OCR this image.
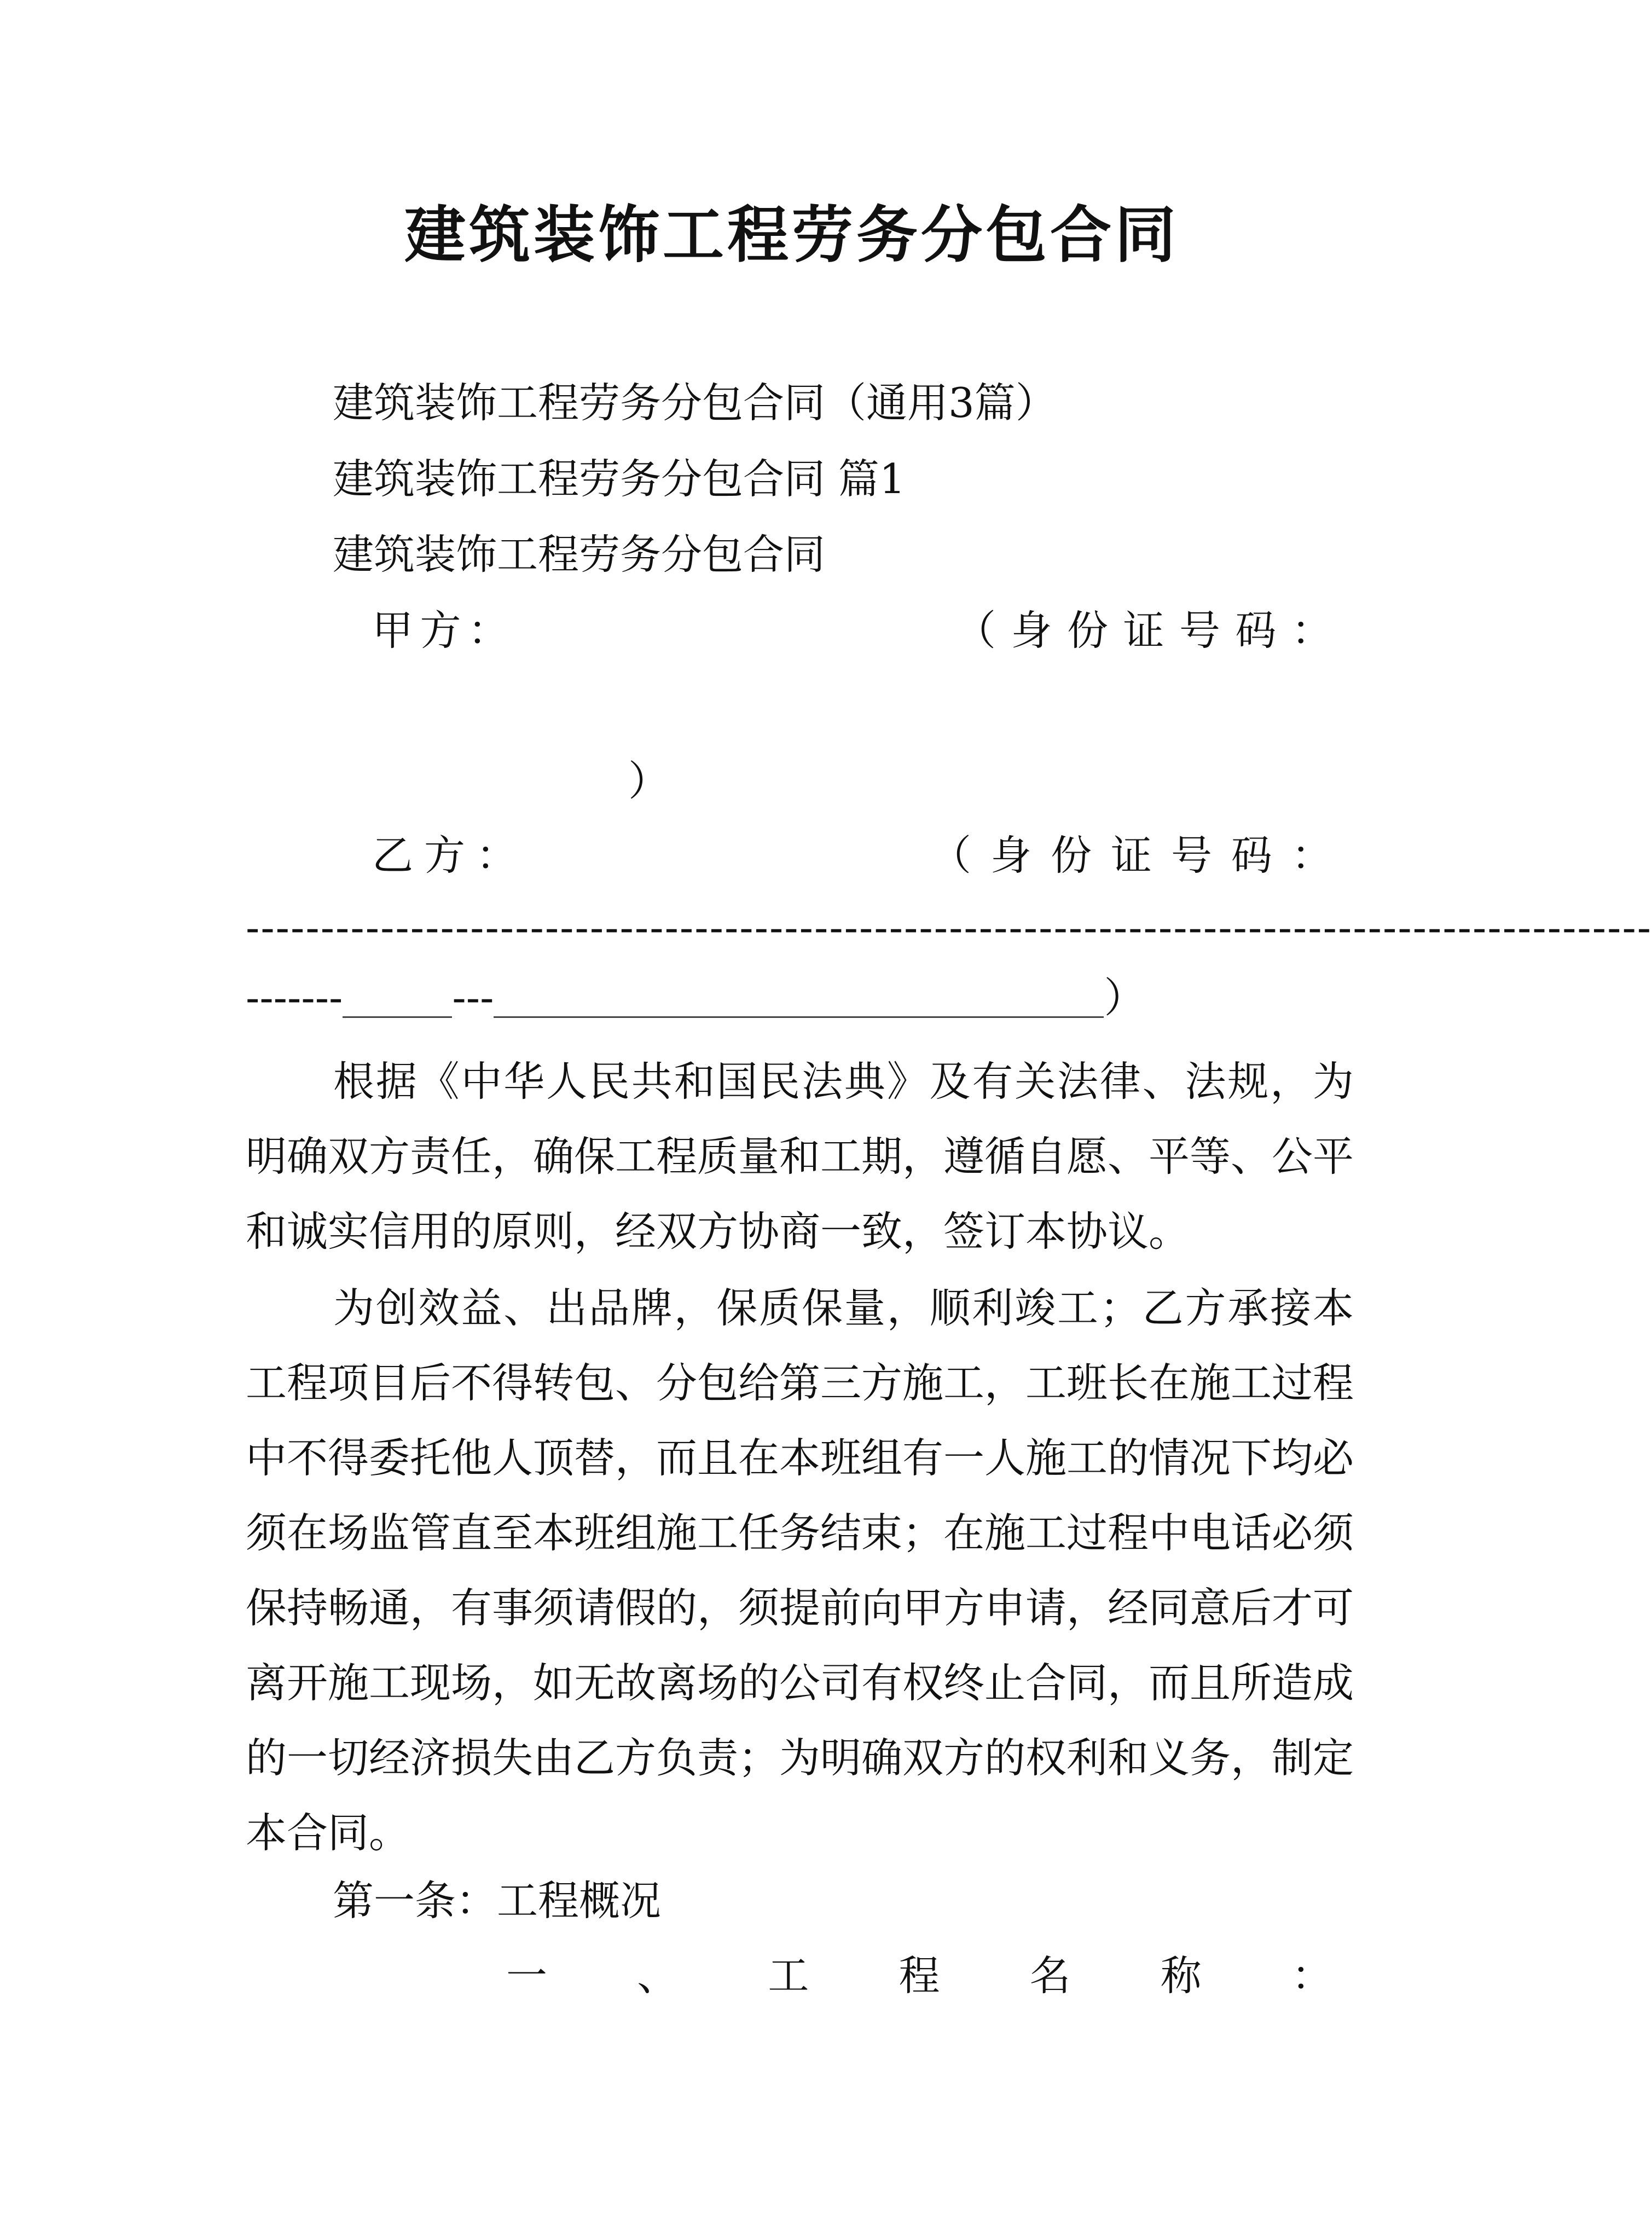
建筑装饰工程劳务分包合同
建筑装饰工程劳务分包合同（通用3篇）
建筑装饰工程劳务分包合同 篇1
建筑装饰工程劳务分包合同
甲 方 ：	（ 身 份 证 号 码 ：
）
乙 方 ：	（ 身 份 证 号 码 ：
----------------------------------------------------------------------------------------------
-------	---	）
根据《中华人民共和国民法典》及有关法律、法规，为明确双方责任，确保工程质量和工期，遵循自愿、平等、公平和诚实信用的原则，经双方协商一致，签订本协议。
为创效益、出品牌，保质保量，顺利竣工；乙方承接本工程项目后不得转包、分包给第三方施工，工班长在施工过程中不得委托他人顶替，而且在本班组有一人施工的情况下均必须在场监管直至本班组施工任务结束；在施工过程中电话必须保持畅通，有事须请假的，须提前向甲方申请，经同意后才可离开施工现场，如无故离场的公司有权终止合同，而且所造成的一切经济损失由乙方负责；为明确双方的权利和义务，制定本合同。
第一条：工程概况
一 、 工 程 名 称 ：
